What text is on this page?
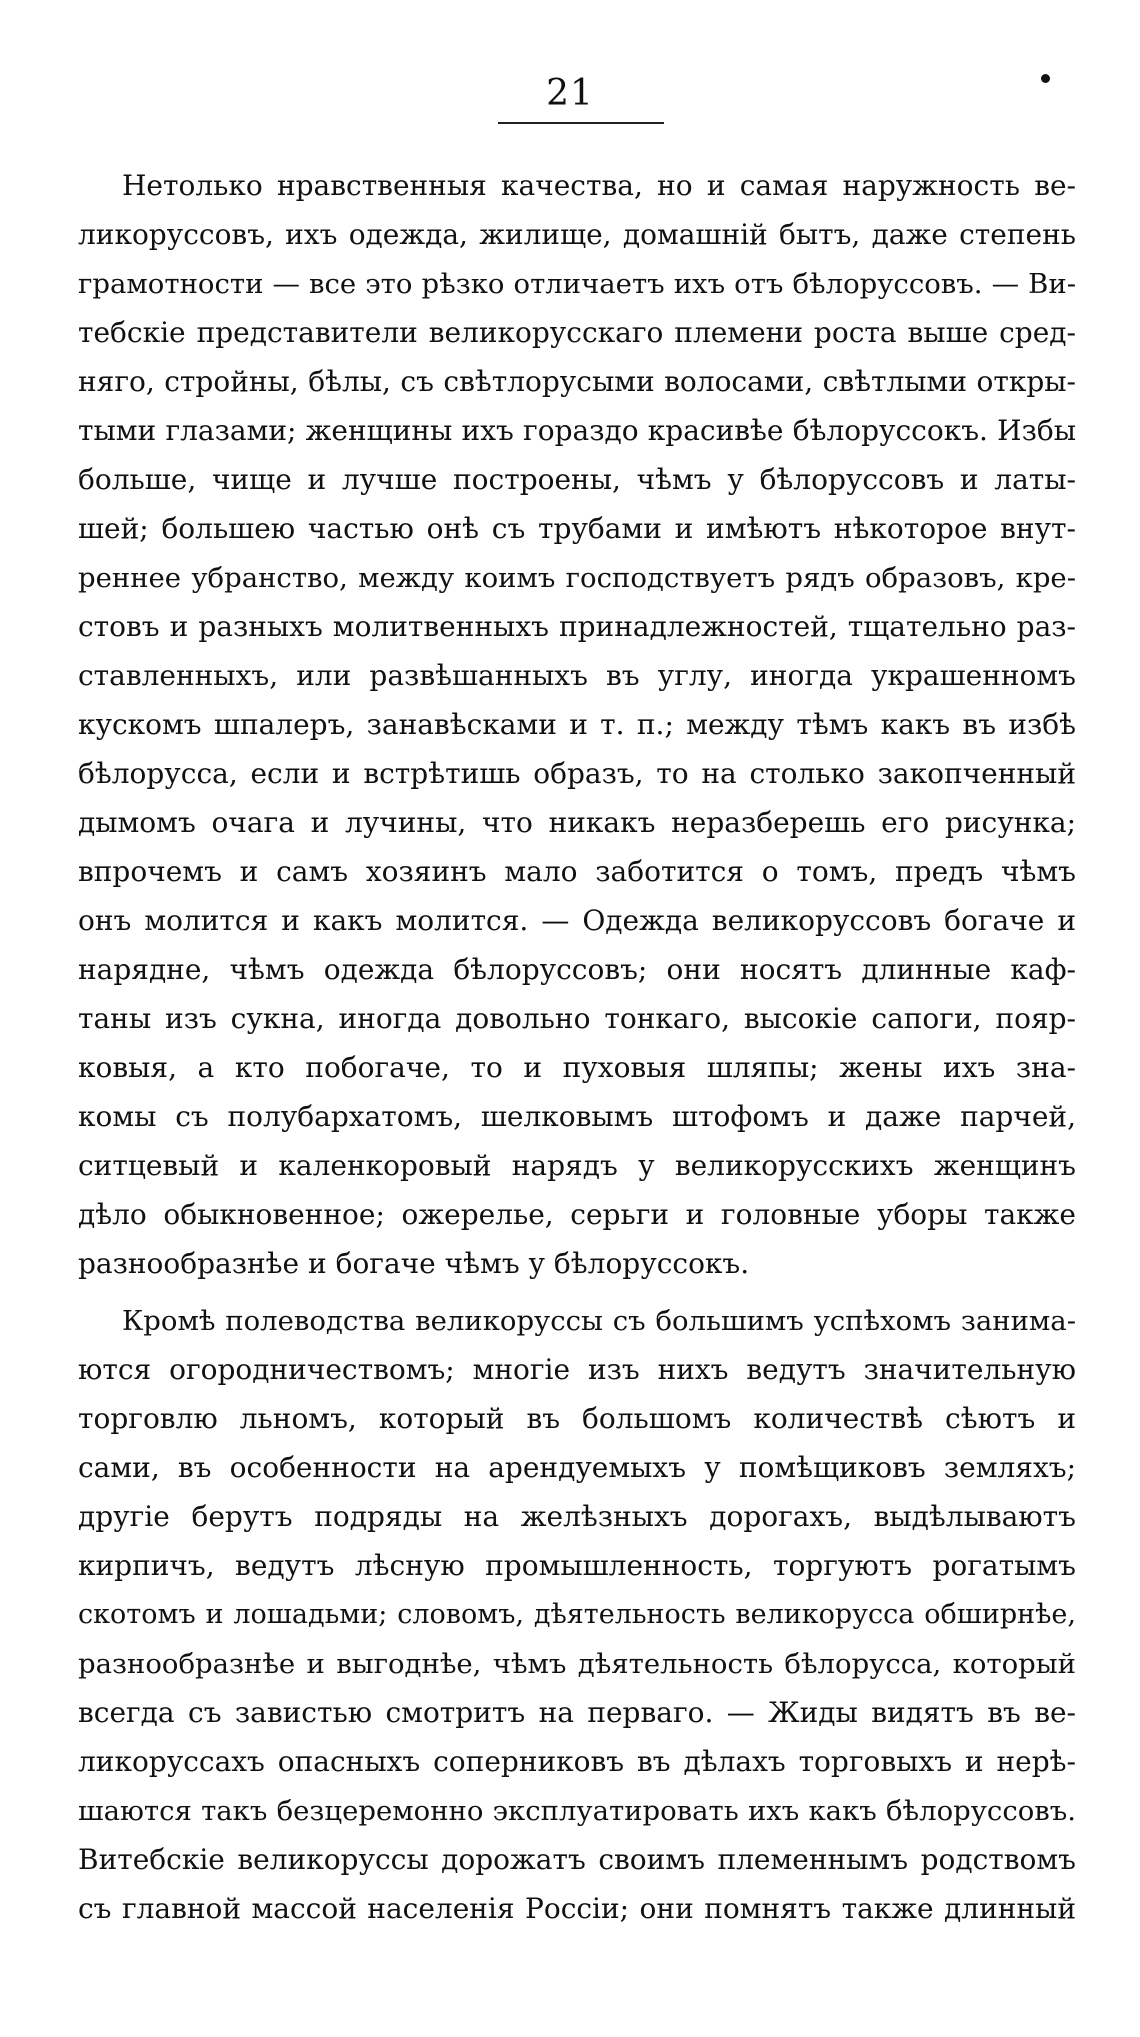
21
Нетолько нравственныя качества, но и самая наружность ве-
ликоруссовъ, ихъ одежда, жилище, домашній бытъ, даже степень
грамотности — все это рѣзко отличаетъ ихъ отъ бѣлоруссовъ. — Ви-
тебскіе представители великорусскаго племени роста выше сред-
няго, стройны, бѣлы, съ свѣтлорусыми волосами, свѣтлыми откры-
тыми глазами; женщины ихъ гораздо красивѣе бѣлоруссокъ. Избы
больше, чище и лучше построены, чѣмъ у бѣлоруссовъ и латы-
шей; большею частью онѣ съ трубами и имѣютъ нѣкоторое внут-
реннее убранство, между коимъ господствуетъ рядъ образовъ, кре-
стовъ и разныхъ молитвенныхъ принадлежностей, тщательно раз-
ставленныхъ, или развѣшанныхъ въ углу, иногда украшенномъ
кускомъ шпалеръ, занавѣсками и т. п.; между тѣмъ какъ въ избѣ
бѣлорусса, если и встрѣтишь образъ, то на столько закопченный
дымомъ очага и лучины, что никакъ неразберешь его рисунка;
впрочемъ и самъ хозяинъ мало заботится о томъ, предъ чѣмъ
онъ молится и какъ молится. — Одежда великоруссовъ богаче и
нарядне, чѣмъ одежда бѣлоруссовъ; они носятъ длинные каф-
таны изъ сукна, иногда довольно тонкаго, высокіе сапоги, пояр-
ковыя, а кто побогаче, то и пуховыя шляпы; жены ихъ зна-
комы съ полубархатомъ, шелковымъ штофомъ и даже парчей,
ситцевый и каленкоровый нарядъ у великорусскихъ женщинъ
дѣло обыкновенное; ожерелье, серьги и головные уборы также
разнообразнѣе и богаче чѣмъ у бѣлоруссокъ.
Кромѣ полеводства великоруссы съ большимъ успѣхомъ занима-
ются огородничествомъ; многіе изъ нихъ ведутъ значительную
торговлю льномъ, который въ большомъ количествѣ сѣютъ и
сами, въ особенности на арендуемыхъ у помѣщиковъ земляхъ;
другіе берутъ подряды на желѣзныхъ дорогахъ, выдѣлываютъ
кирпичъ, ведутъ лѣсную промышленность, торгуютъ рогатымъ
скотомъ и лошадьми; словомъ, дѣятельность великорусса обширнѣе,
разнообразнѣе и выгоднѣе, чѣмъ дѣятельность бѣлорусса, который
всегда съ завистью смотритъ на перваго. — Жиды видятъ въ ве-
ликоруссахъ опасныхъ соперниковъ въ дѣлахъ торговыхъ и нерѣ-
шаются такъ безцеремонно эксплуатировать ихъ какъ бѣлоруссовъ.
Витебскіе великоруссы дорожатъ своимъ племеннымъ родствомъ
съ главной массой населенія Россіи; они помнятъ также длинный
